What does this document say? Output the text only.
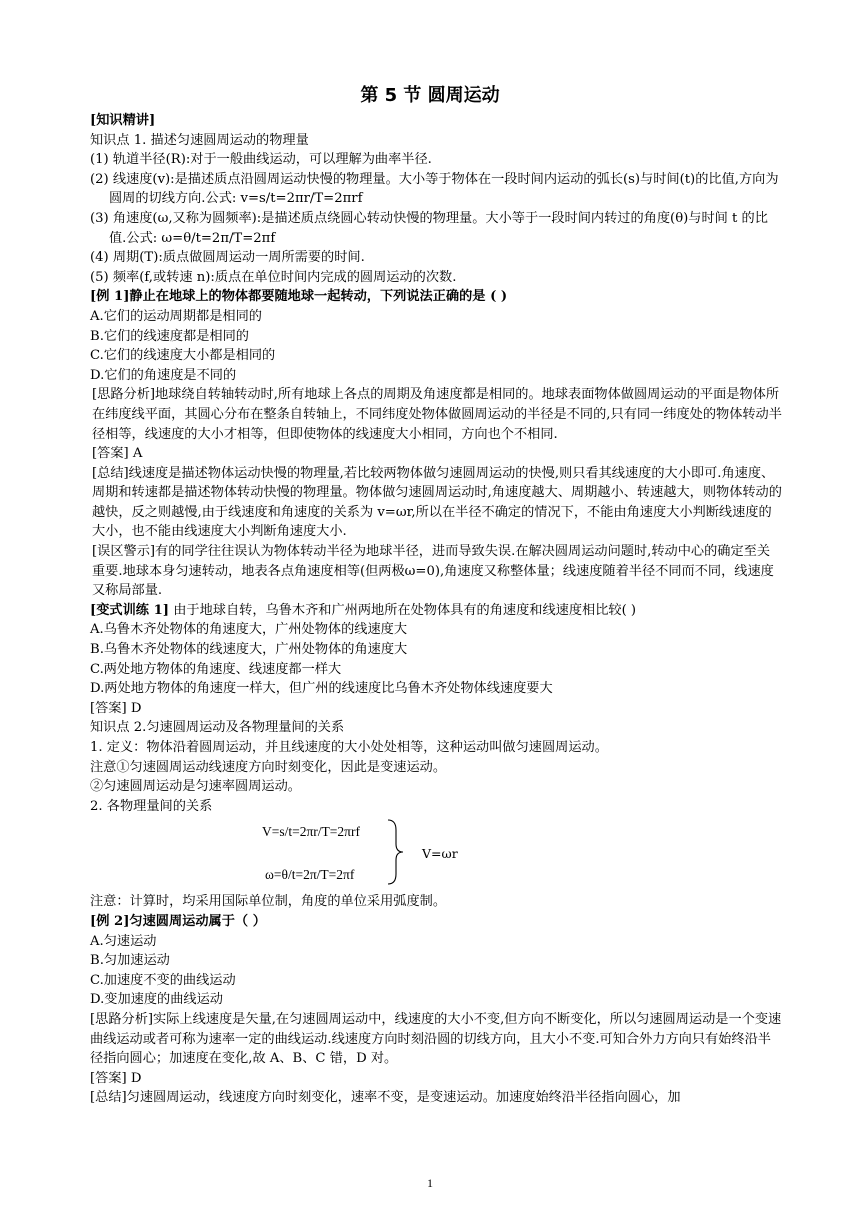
第 5 节 圆周运动

[知识精讲]

知识点 1. 描述匀速圆周运动的物理量

(1) 轨道半径(R):对于一般曲线运动，可以理解为曲率半径.

(2) 线速度(v):是描述质点沿圆周运动快慢的物理量。大小等于物体在一段时间内运动的弧长(s)与时间(t)的比值,方向为圆周的切线方向.公式: v=s/t=2πr/T=2πrf

(3) 角速度(ω,又称为圆频率):是描述质点绕圆心转动快慢的物理量。大小等于一段时间内转过的角度(θ)与时间 t 的比值.公式: ω=θ/t=2π/T=2πf

(4) 周期(T):质点做圆周运动一周所需要的时间.

(5) 频率(f,或转速 n):质点在单位时间内完成的圆周运动的次数.

[例 1]静止在地球上的物体都要随地球一起转动，下列说法正确的是 ( )

A.它们的运动周期都是相同的

B.它们的线速度都是相同的

C.它们的线速度大小都是相同的

D.它们的角速度是不同的

[思路分析]地球绕自转轴转动时,所有地球上各点的周期及角速度都是相同的。地球表面物体做圆周运动的平面是物体所在纬度线平面，其圆心分布在整条自转轴上，不同纬度处物体做圆周运动的半径是不同的,只有同一纬度处的物体转动半径相等，线速度的大小才相等，但即使物体的线速度大小相同，方向也个不相同.

[答案] A

[总结]线速度是描述物体运动快慢的物理量,若比较两物体做匀速圆周运动的快慢,则只看其线速度的大小即可.角速度、周期和转速都是描述物体转动快慢的物理量。物体做匀速圆周运动时,角速度越大、周期越小、转速越大，则物体转动的越快，反之则越慢,由于线速度和角速度的关系为 v=ωr,所以在半径不确定的情况下，不能由角速度大小判断线速度的大小，也不能由线速度大小判断角速度大小.

[误区警示]有的同学往往误认为物体转动半径为地球半径，进而导致失误.在解决圆周运动问题时,转动中心的确定至关重要.地球本身匀速转动，地表各点角速度相等(但两极ω=0),角速度又称整体量；线速度随着半径不同而不同，线速度又称局部量.

[变式训练 1] 由于地球自转，乌鲁木齐和广州两地所在处物体具有的角速度和线速度相比较( )

A.乌鲁木齐处物体的角速度大，广州处物体的线速度大

B.乌鲁木齐处物体的线速度大，广州处物体的角速度大

C.两处地方物体的角速度、线速度都一样大

D.两处地方物体的角速度一样大，但广州的线速度比乌鲁木齐处物体线速度要大

[答案] D

知识点 2.匀速圆周运动及各物理量间的关系

1. 定义：物体沿着圆周运动，并且线速度的大小处处相等，这种运动叫做匀速圆周运动。

注意①匀速圆周运动线速度方向时刻变化，因此是变速运动。

②匀速圆周运动是匀速率圆周运动。

2. 各物理量间的关系

V=s/t=2πr/T=2πrf
ω=θ/t=2π/T=2πf
V=ωr

注意：计算时，均采用国际单位制，角度的单位采用弧度制。

[例 2]匀速圆周运动属于（ ）

A.匀速运动

B.匀加速运动

C.加速度不变的曲线运动

D.变加速度的曲线运动

[思路分析]实际上线速度是矢量,在匀速圆周运动中，线速度的大小不变,但方向不断变化，所以匀速圆周运动是一个变速曲线运动或者可称为速率一定的曲线运动.线速度方向时刻沿圆的切线方向，且大小不变.可知合外力方向只有始终沿半径指向圆心；加速度在变化,故 A、B、C 错，D 对。

[答案] D

[总结]匀速圆周运动，线速度方向时刻变化，速率不变，是变速运动。加速度始终沿半径指向圆心，加

1
